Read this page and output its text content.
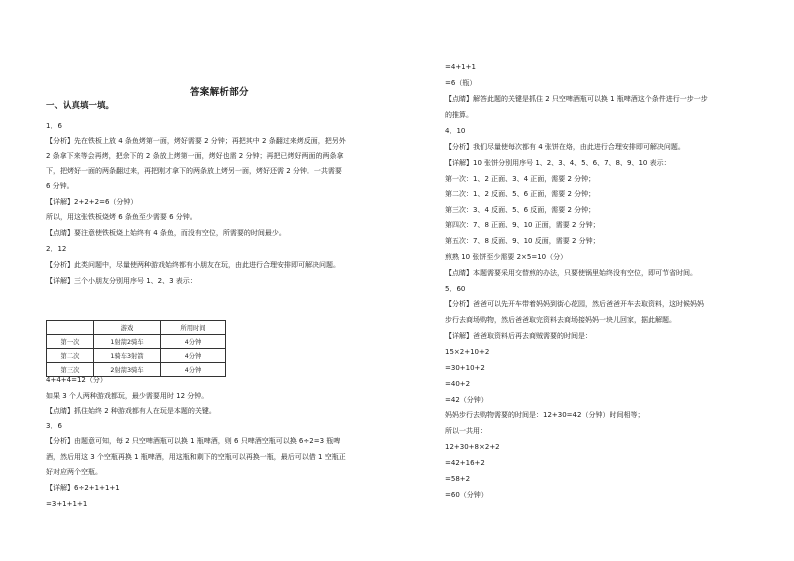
答案解析部分
一、认真填一填。
1．6
【分析】先在铁板上放 4 条鱼烤第一面，烤好需要 2 分钟；再把其中 2 条翻过来烤反面，把另外
2 条拿下来等会再烤，把余下的 2 条放上烤第一面，烤好也需 2 分钟；再把已烤好两面的两条拿
下，把烤好一面的两条翻过来，再把刚才拿下的两条放上烤另一面，烤好还需 2 分钟．一共需要
6 分钟。
【详解】2+2+2=6（分钟）
所以，用这张铁板烧烤 6 条鱼至少需要 6 分钟。
【点睛】要注意使铁板烧上始终有 4 条鱼，而没有空位，所需要的时间最少。
2．12
【分析】此类问题中，尽量使两种游戏始终都有小朋友在玩，由此进行合理安排即可解决问题。
【详解】三个小朋友分别用序号 1、2、3 表示：
	游戏	所用时间
第一次	1射箭2骑车	4分钟
第二次	1骑车3射箭	4分钟
第三次	2射箭3骑车	4分钟
4+4+4=12（分）
如果 3 个人两种游戏都玩，最少需要用时 12 分钟。
【点睛】抓住始终 2 种游戏都有人在玩是本题的关键。
3．6
【分析】由题意可知，每 2 只空啤酒瓶可以换 1 瓶啤酒，则 6 只啤酒空瓶可以换 6÷2=3 瓶啤
酒，然后用这 3 个空瓶再换 1 瓶啤酒，用这瓶和剩下的空瓶可以再换一瓶，最后可以借 1 空瓶正
好对应两个空瓶。
【详解】6÷2+1+1+1
=3+1+1+1
=4+1+1
=6（瓶）
【点睛】解答此题的关键是抓住 2 只空啤酒瓶可以换 1 瓶啤酒这个条件进行一步一步
的推算。
4．10
【分析】我们尽量使每次都有 4 张饼在烙，由此进行合理安排即可解决问题。
【详解】10 张饼分别用序号 1、2、3、4、5、6、7、8、9、10 表示：
第一次：1、2 正面、3、4 正面，需要 2 分钟；
第二次：1、2 反面、5、6 正面，需要 2 分钟；
第三次：3、4 反面、5、6 反面，需要 2 分钟；
第四次：7、8 正面、9、10 正面，需要 2 分钟；
第五次：7、8 反面、9、10 反面，需要 2 分钟；
煎熟 10 张饼至少需要 2×5=10（分）
【点睛】本题需要采用交替煎的办法，只要使锅里始终没有空位，即可节省时间。
5．60
【分析】爸爸可以先开车带着妈妈到街心花园，然后爸爸开车去取资料，这时候妈妈
步行去商场购物，然后爸爸取完资料去商场接妈妈一块儿回家，据此解题。
【详解】爸爸取资料后再去商贼需要的时间是：
15×2+10+2
=30+10+2
=40+2
=42（分钟）
妈妈步行去购物需要的时间是：12+30=42（分钟）时间相等；
所以一共用：
12+30+8×2+2
=42+16+2
=58+2
=60（分钟）
